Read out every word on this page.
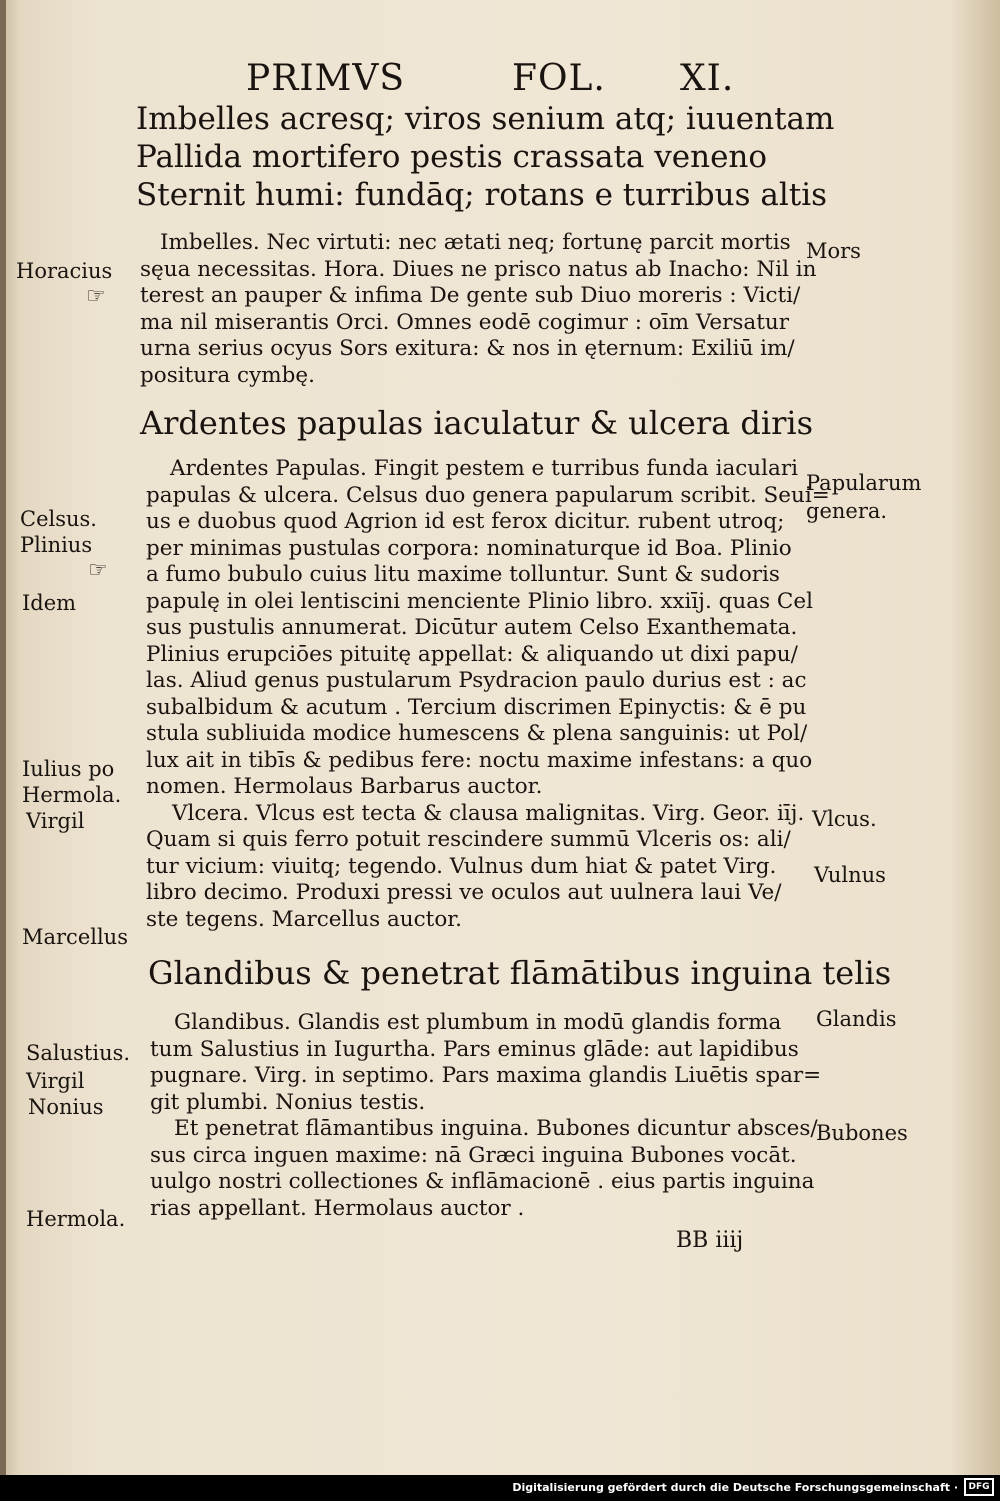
PRIMVS	FOL. XI.
Imbelles acresq; viros senium atq; iuuentam
Pallida mortifero pestis crassata veneno
Sternit humi: fundāq; rotans e turribus altis

Imbelles. Nec virtuti: nec ætati neq; fortunę parcit mortis

sęua necessitas. Hora. Diues ne prisco natus ab Inacho: Nil in

terest an pauper & infima De gente sub Diuo moreris : Victi/

ma nil miserantis Orci. Omnes eodē cogimur : oīm Versatur

urna serius ocyus Sors exitura: & nos in ęternum: Exiliū im/

positura cymbę.

Ardentes papulas iaculatur & ulcera diris

Ardentes Papulas. Fingit pestem e turribus funda iaculari

papulas & ulcera. Celsus duo genera papularum scribit. Seui=

us e duobus quod Agrion id est ferox dicitur. rubent utroq;

per minimas pustulas corpora: nominaturque id Boa. Plinio

a fumo bubulo cuius litu maxime tolluntur. Sunt & sudoris

papulę in olei lentiscini menciente Plinio libro. xxiīj. quas Cel

sus pustulis annumerat. Dicūtur autem Celso Exanthemata.

Plinius erupciōes pituitę appellat: & aliquando ut dixi papu/

las. Aliud genus pustularum Psydracion paulo durius est : ac

subalbidum & acutum . Tercium discrimen Epinyctis: & ē pu

stula subliuida modice humescens & plena sanguinis: ut Pol/

lux ait in tibīs & pedibus fere: noctu maxime infestans: a quo

nomen. Hermolaus Barbarus auctor.

Vlcera. Vlcus est tecta & clausa malignitas. Virg. Geor. iīj.

Quam si quis ferro potuit rescindere summū Vlceris os: ali/

tur vicium: viuitq; tegendo. Vulnus dum hiat & patet Virg.

libro decimo. Produxi pressi ve oculos aut uulnera laui Ve/

ste tegens. Marcellus auctor.

Glandibus & penetrat flāmātibus inguina telis

Glandibus. Glandis est plumbum in modū glandis forma

tum Salustius in Iugurtha. Pars eminus glāde: aut lapidibus

pugnare. Virg. in septimo. Pars maxima glandis Liuētis spar=

git plumbi. Nonius testis.

Et penetrat flāmantibus inguina. Bubones dicuntur absces/

sus circa inguen maxime: nā Græci inguina Bubones vocāt.

uulgo nostri collectiones & inflāmacionē . eius partis inguina

rias appellant. Hermolaus auctor .

Horacius
☞
Celsus.
Plinius
☞
Idem
Iulius po
Hermola.
Virgil
Marcellus
Salustius.
Virgil
Nonius
Hermola.
Mors
Papularum
genera.
Vlcus.
Vulnus
Glandis
Bubones
BB iiij
Digitalisierung gefördert durch die Deutsche Forschungsgemeinschaft ·	DFG
